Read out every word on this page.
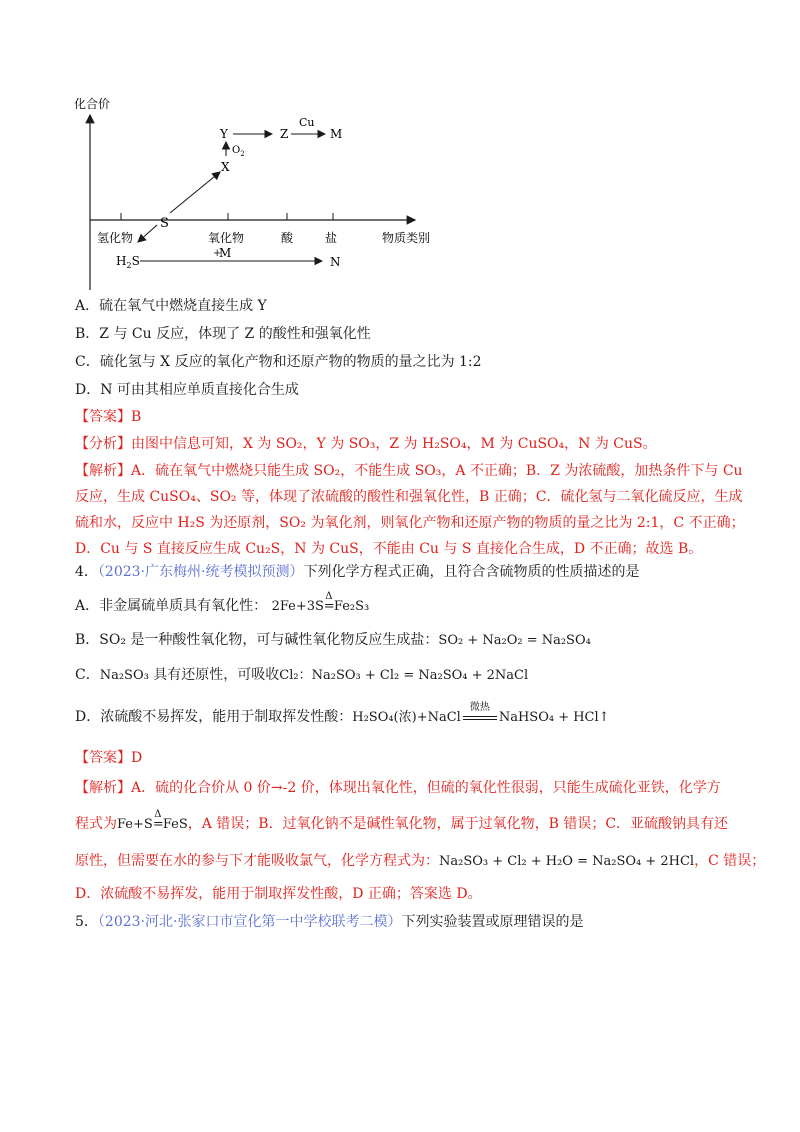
化合价
物质类别
氢化物	氧化物	酸	盐
S
X
$O_2$
Y	Z
Cu
M
$H_2S$
+
M
N
A．硫在氧气中燃烧直接生成 Y
B．Z 与 Cu 反应，体现了 Z 的酸性和强氧化性
C．硫化氢与 X 反应的氧化产物和还原产物的物质的量之比为 1:2
D．N 可由其相应单质直接化合生成
【答案】B
【分析】由图中信息可知，X 为 SO₂，Y 为 SO₃，Z 为 H₂SO₄，M 为 CuSO₄，N 为 CuS。
【解析】A．硫在氧气中燃烧只能生成 SO₂，不能生成 SO₃，A 不正确；B．Z 为浓硫酸，加热条件下与 Cu
反应，生成 CuSO₄、SO₂ 等，体现了浓硫酸的酸性和强氧化性，B 正确；C．硫化氢与二氧化硫反应，生成
硫和水，反应中 H₂S 为还原剂，SO₂ 为氧化剂，则氧化产物和还原产物的物质的量之比为 2:1，C 不正确；
D．Cu 与 S 直接反应生成 Cu₂S，N 为 CuS，不能由 Cu 与 S 直接化合生成，D 不正确；故选 B。
4．（2023·广东梅州·统考模拟预测）下列化学方程式正确，且符合含硫物质的性质描述的是
A．非金属硫单质具有氧化性： 2Fe+3S
Δ
=Fe₂S₃
B．SO₂ 是一种酸性氧化物，可与碱性氧化物反应生成盐：SO₂ + Na₂O₂ = Na₂SO₄
C．Na₂SO₃ 具有还原性，可吸收Cl₂：Na₂SO₃ + Cl₂ = Na₂SO₄ + 2NaCl
D．浓硫酸不易挥发，能用于制取挥发性酸：H₂SO₄(浓)+NaCl
微热
NaHSO₄ + HCl↑
【答案】D
【解析】A．硫的化合价从 0 价→-2 价，体现出氧化性，但硫的氧化性很弱，只能生成硫化亚铁，化学方
程式为Fe+S
Δ
=FeS，A 错误；B．过氧化钠不是碱性氧化物，属于过氧化物，B 错误；C．亚硫酸钠具有还
原性，但需要在水的参与下才能吸收氯气，化学方程式为：Na₂SO₃ + Cl₂ + H₂O = Na₂SO₄ + 2HCl，C 错误；
D．浓硫酸不易挥发，能用于制取挥发性酸，D 正确；答案选 D。
5．（2023·河北·张家口市宣化第一中学校联考二模）下列实验装置或原理错误的是
